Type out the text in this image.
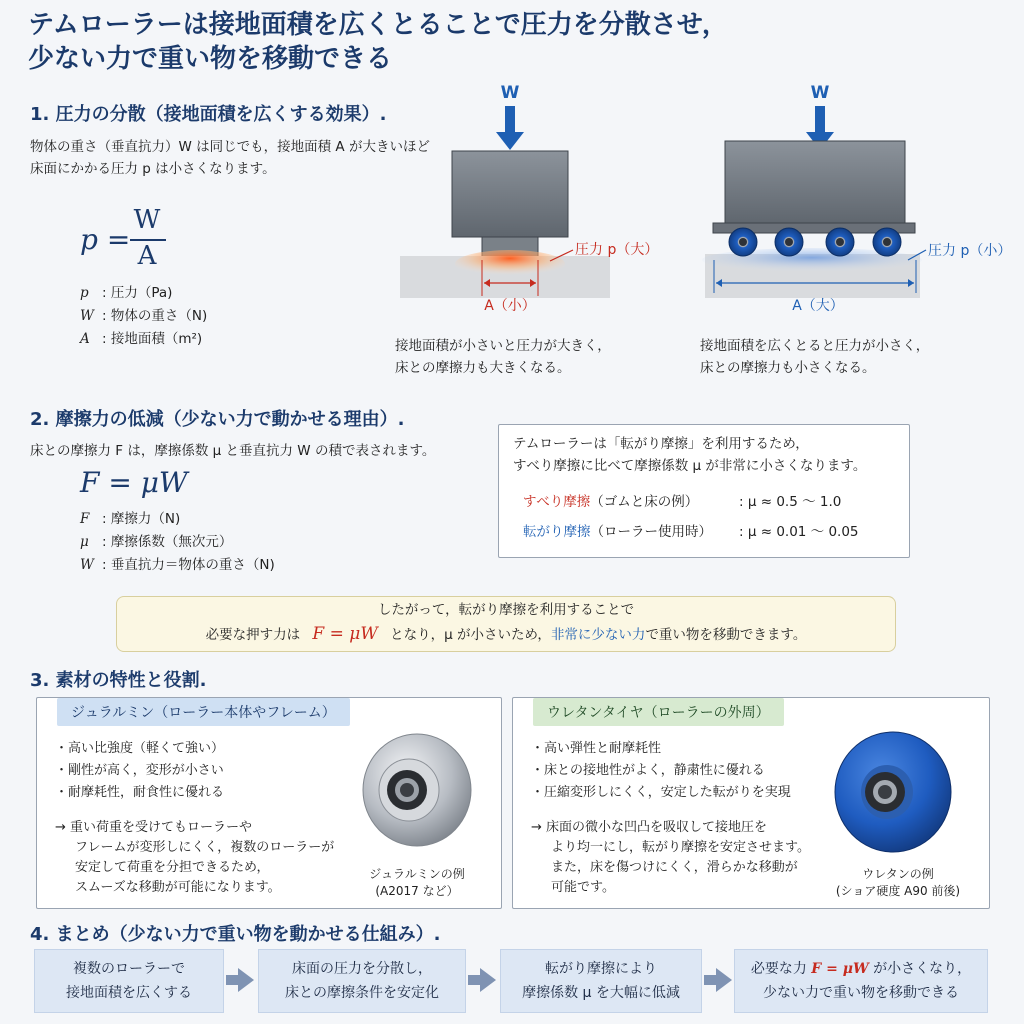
テムローラーは接地面積を広くとることで圧力を分散させ，
少ない力で重い物を移動できる
1. 圧力の分散（接地面積を広くする効果）.
物体の重さ（垂直抗力）W は同じでも，接地面積 A が大きいほど
床面にかかる圧力 p は小さくなります。
p =
W
A
p : 圧力（Pa)
W : 物体の重さ（N)
A : 接地面積（m²)
W
圧力 p（大）
A（小）
接地面積が小さいと圧力が大きく，
床との摩擦力も大きくなる。
W
圧力 p（小）
A（大）
接地面積を広くとると圧力が小さく，
床との摩擦力も小さくなる。
2. 摩擦力の低減（少ない力で動かせる理由）.
床との摩擦力 F は，摩擦係数 μ と垂直抗力 W の積で表されます。
F = μW
F : 摩擦力（N)
μ : 摩擦係数（無次元）
W : 垂直抗力＝物体の重さ（N)
テムローラーは「転がり摩擦」を利用するため，
すべり摩擦に比べて摩擦係数 μ が非常に小さくなります。
すべり摩擦（ゴムと床の例）	: μ ≈ 0.5 ～ 1.0
転がり摩擦（ローラー使用時） : μ ≈ 0.01 ～ 0.05
したがって，転がり摩擦を利用することで
必要な押す力は F = μW となり，μ が小さいため，非常に少ない力で重い物を移動できます。
3. 素材の特性と役割.
ジュラルミン（ローラー本体やフレーム）
・高い比強度（軽くて強い）
・剛性が高く，変形が小さい
・耐摩耗性，耐食性に優れる
→ 重い荷重を受けてもローラーや
フレームが変形しにくく，複数のローラーが
安定して荷重を分担できるため，
スムーズな移動が可能になります。
ジュラルミンの例
(A2017 など）
ウレタンタイヤ（ローラーの外周）
・高い弾性と耐摩耗性
・床との接地性がよく，静粛性に優れる
・圧縮変形しにくく，安定した転がりを実現
→ 床面の微小な凹凸を吸収して接地圧を
より均一にし，転がり摩擦を安定させます。
また，床を傷つけにくく，滑らかな移動が
可能です。
ウレタンの例
(ショア硬度 A90 前後)
4. まとめ（少ない力で重い物を動かせる仕組み）.
複数のローラーで
接地面積を広くする
床面の圧力を分散し，
床との摩擦条件を安定化
転がり摩擦により
摩擦係数 μ を大幅に低減
必要な力 F = μW が小さくなり，
少ない力で重い物を移動できる
